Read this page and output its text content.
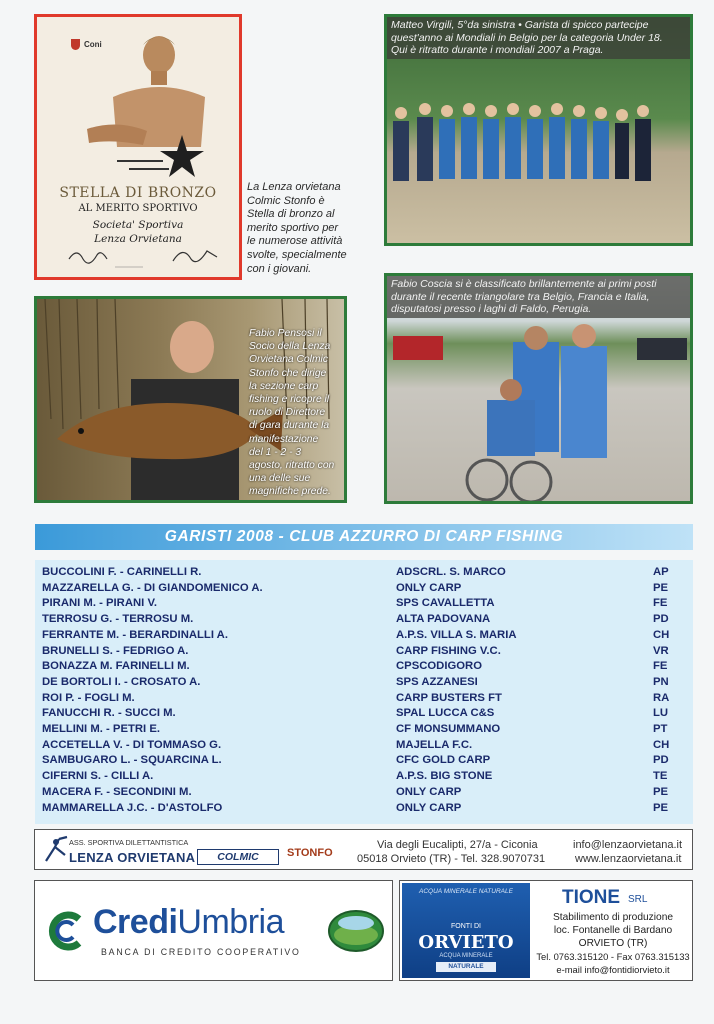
Coni
STELLA DI BRONZO
AL MERITO SPORTIVO
Societa' Sportiva
Lenza Orvietana
La Lenza orvietana
Colmic Stonfo è
Stella di bronzo al
merito sportivo per
le numerose attività
svolte, specialmente
con i giovani.
Matteo Virgili, 5°da sinistra • Garista di spicco partecipe
quest'anno ai Mondiali in Belgio per la categoria Under 18.
Qui è ritratto durante i mondiali 2007 a Praga.
Fabio Pensosi il
Socio della Lenza
Orvietana Colmic
Stonfo che dirige
la sezione carp
fishing e ricopre il
ruolo di Direttore
di gara durante la
manifestazione
del 1 - 2 - 3
agosto, ritratto con
una delle sue
magnifiche prede.
Fabio Coscia si è classificato brillantemente ai primi posti
durante il recente triangolare tra Belgio, Francia e Italia,
disputatosi presso i laghi di Faldo, Perugia.
GARISTI 2008 - CLUB AZZURRO DI CARP FISHING
BUCCOLINI F. - CARINELLI R.	ADSCRL. S. MARCO	AP
MAZZARELLA G. - DI GIANDOMENICO A.	ONLY CARP	PE
PIRANI M. - PIRANI V.	SPS CAVALLETTA	FE
TERROSU G. - TERROSU M.	ALTA PADOVANA	PD
FERRANTE M. - BERARDINALLI A.	A.P.S. VILLA S. MARIA	CH
BRUNELLI S. - FEDRIGO A.	CARP FISHING V.C.	VR
BONAZZA M. FARINELLI M.	CPSCODIGORO	FE
DE BORTOLI I. - CROSATO A.	SPS AZZANESI	PN
ROI P. - FOGLI M.	CARP BUSTERS FT	RA
FANUCCHI R. - SUCCI M.	SPAL LUCCA C&S	LU
MELLINI M. - PETRI E.	CF MONSUMMANO	PT
ACCETELLA V. - DI TOMMASO G.	MAJELLA F.C.	CH
SAMBUGARO L. - SQUARCINA L.	CFC GOLD CARP	PD
CIFERNI S. - CILLI A.	A.P.S. BIG STONE	TE
MACERA F. - SECONDINI M.	ONLY CARP	PE
MAMMARELLA J.C. - D'ASTOLFO	ONLY CARP	PE
ASS. SPORTIVA DILETTANTISTICA
LENZA ORVIETANA	COLMIC	STONFO
Via degli Eucalipti, 27/a - Ciconia
05018 Orvieto (TR) - Tel. 328.9070731
info@lenzaorvietana.it
www.lenzaorvietana.it
CrediUmbria
BANCA DI CREDITO COOPERATIVO
ACQUA MINERALE NATURALE
FONTI DI
ORVIETO
ACQUA MINERALE
NATURALE
TIONE SRL
Stabilimento di produzione
loc. Fontanelle di Bardano
ORVIETO (TR)
Tel. 0763.315120 - Fax 0763.315133
e-mail info@fontidiorvieto.it
